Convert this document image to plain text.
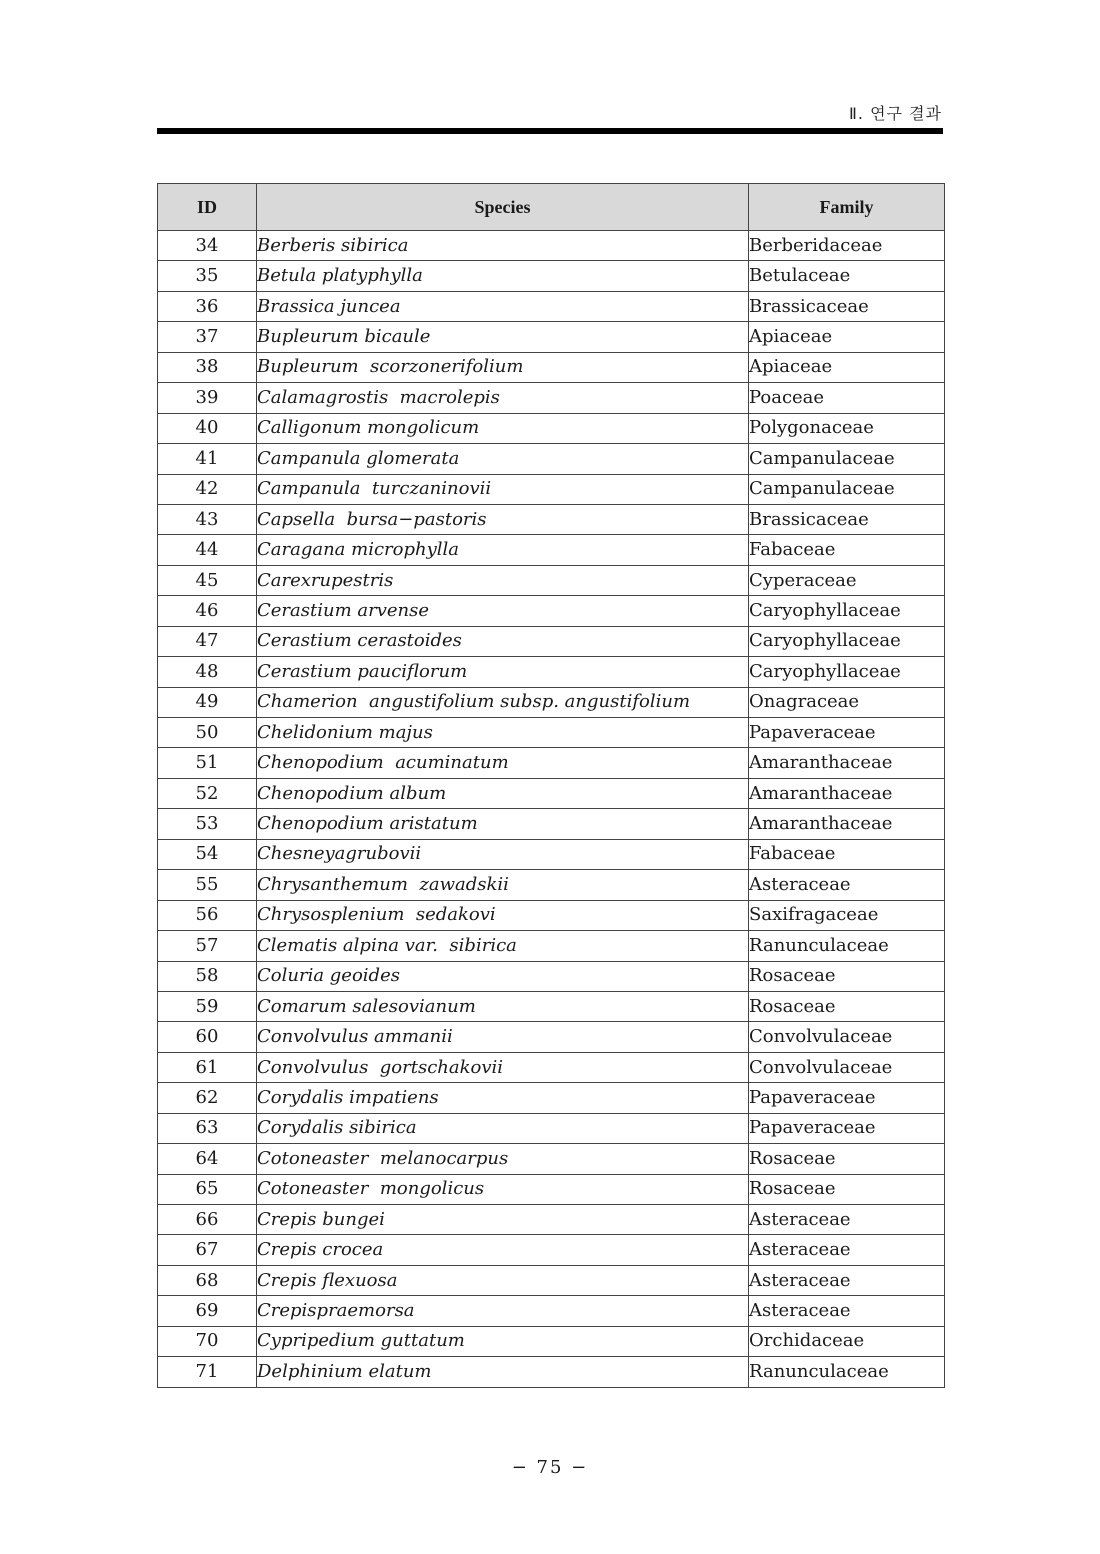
Ⅱ. 연구 결과
ID	Species	Family
34	Berberis sibirica	Berberidaceae
35	Betula platyphylla	Betulaceae
36	Brassica juncea	Brassicaceae
37	Bupleurum bicaule	Apiaceae
38	Bupleurum  scorzonerifolium	Apiaceae
39	Calamagrostis  macrolepis	Poaceae
40	Calligonum mongolicum	Polygonaceae
41	Campanula glomerata	Campanulaceae
42	Campanula  turczaninovii	Campanulaceae
43	Capsella  bursa−pastoris	Brassicaceae
44	Caragana microphylla	Fabaceae
45	Carexrupestris	Cyperaceae
46	Cerastium arvense	Caryophyllaceae
47	Cerastium cerastoides	Caryophyllaceae
48	Cerastium pauciflorum	Caryophyllaceae
49	Chamerion  angustifolium subsp. angustifolium	Onagraceae
50	Chelidonium majus	Papaveraceae
51	Chenopodium  acuminatum	Amaranthaceae
52	Chenopodium album	Amaranthaceae
53	Chenopodium aristatum	Amaranthaceae
54	Chesneyagrubovii	Fabaceae
55	Chrysanthemum  zawadskii	Asteraceae
56	Chrysosplenium  sedakovi	Saxifragaceae
57	Clematis alpina var.  sibirica	Ranunculaceae
58	Coluria geoides	Rosaceae
59	Comarum salesovianum	Rosaceae
60	Convolvulus ammanii	Convolvulaceae
61	Convolvulus  gortschakovii	Convolvulaceae
62	Corydalis impatiens	Papaveraceae
63	Corydalis sibirica	Papaveraceae
64	Cotoneaster  melanocarpus	Rosaceae
65	Cotoneaster  mongolicus	Rosaceae
66	Crepis bungei	Asteraceae
67	Crepis crocea	Asteraceae
68	Crepis flexuosa	Asteraceae
69	Crepispraemorsa	Asteraceae
70	Cypripedium guttatum	Orchidaceae
71	Delphinium elatum	Ranunculaceae
− 75 −
